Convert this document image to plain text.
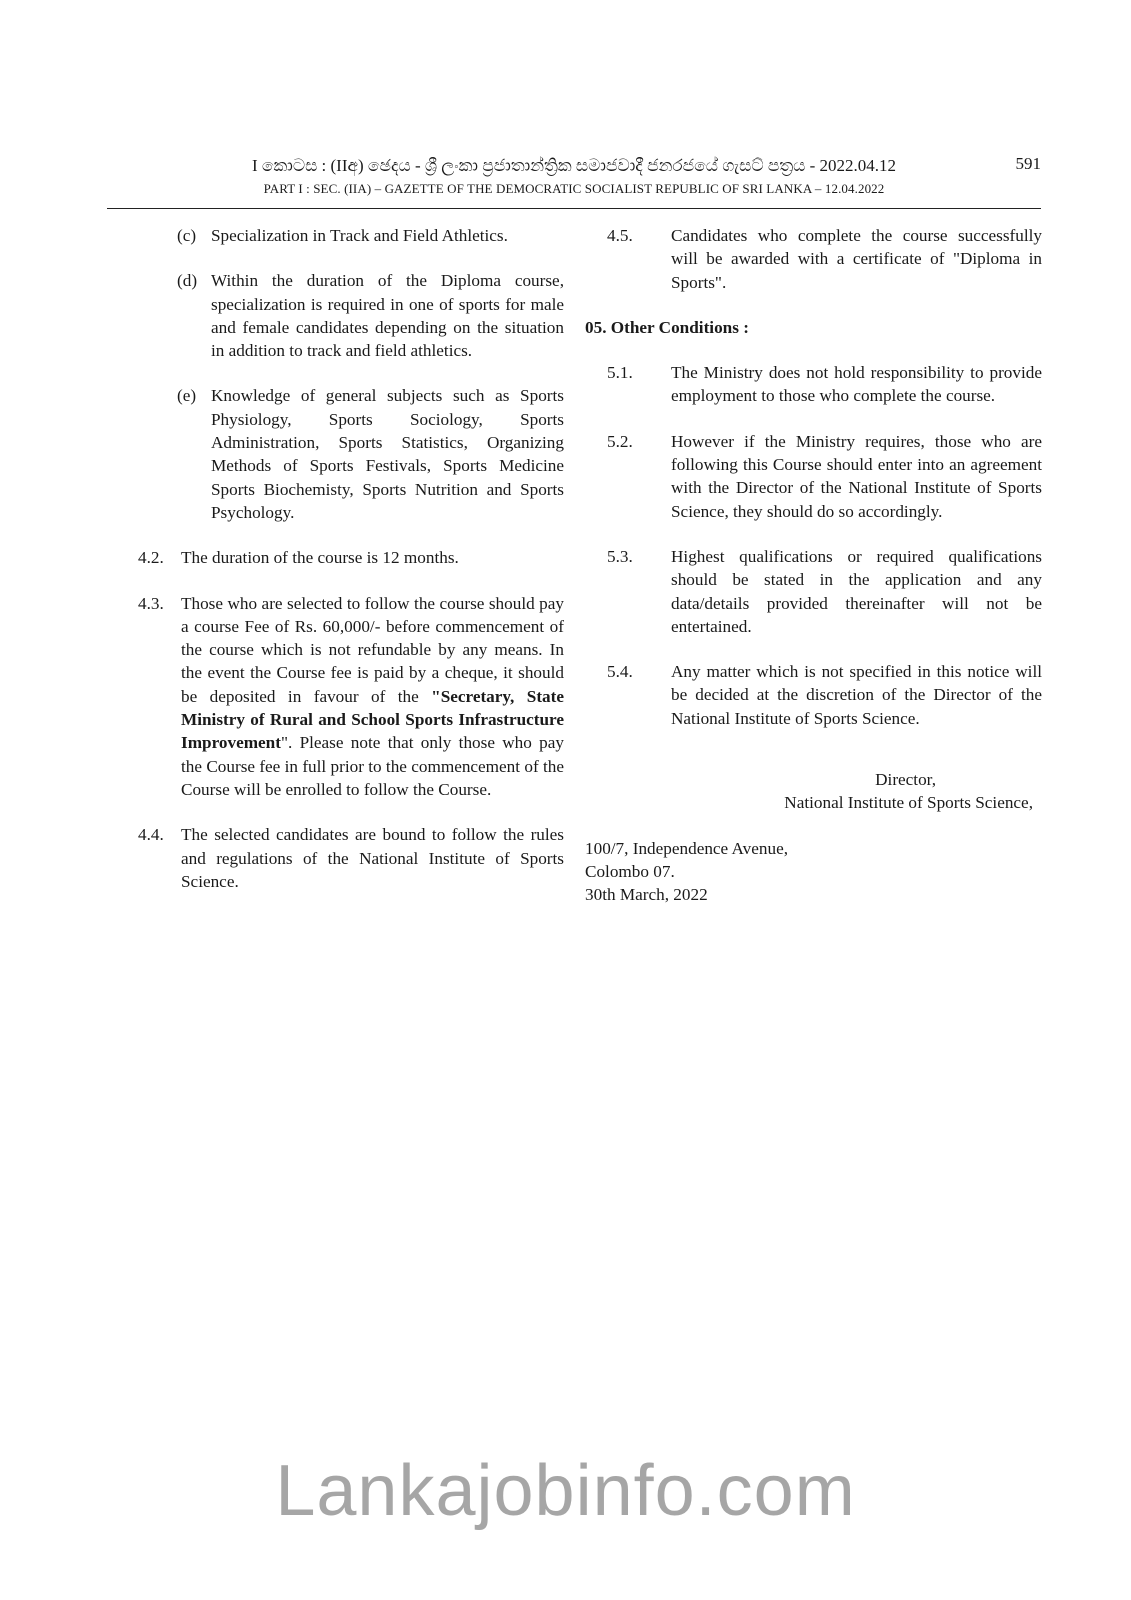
I කොටස : (IIඅ) ඡෙදය - ශ්‍රී ලංකා ප්‍රජාතාන්ත්‍රික සමාජවාදී ජනරජයේ ගැසට් පත්‍රය - 2022.04.12
PART I : SEC. (IIA) – GAZETTE OF THE DEMOCRATIC SOCIALIST REPUBLIC OF SRI LANKA – 12.04.2022
591
(c) Specialization in Track and Field Athletics.
(d) Within the duration of the Diploma course, specialization is required in one of sports for male and female candidates depending on the situation in addition to track and field athletics.
(e) Knowledge of general subjects such as Sports Physiology, Sports Sociology, Sports Administration, Sports Statistics, Organizing Methods of Sports Festivals, Sports Medicine Sports Biochemisty, Sports Nutrition and Sports Psychology.
4.2.	The duration of the course is 12 months.
4.3.	Those who are selected to follow the course should pay a course Fee of Rs. 60,000/- before commencement of the course which is not refundable by any means. In the event the Course fee is paid by a cheque, it should be deposited in favour of the "Secretary, State Ministry of Rural and School Sports Infrastructure Improvement". Please note that only those who pay the Course fee in full prior to the commencement of the Course will be enrolled to follow the Course.
4.4.	The selected candidates are bound to follow the rules and regulations of the National Institute of Sports Science.
4.5.	Candidates who complete the course successfully will be awarded with a certificate of "Diploma in Sports".
05. Other Conditions :
5.1.	The Ministry does not hold responsibility to provide employment to those who complete the course.
5.2.	However if the Ministry requires, those who are following this Course should enter into an agreement with the Director of the National Institute of Sports Science, they should do so accordingly.
5.3.	Highest qualifications or required qualifications should be stated in the application and any data/details provided thereinafter will not be entertained.
5.4.	Any matter which is not specified in this notice will be decided at the discretion of the Director of the National Institute of Sports Science.
Director,
National Institute of Sports Science,
100/7, Independence Avenue,
Colombo 07.
30th March, 2022
Lankajobinfo.com
